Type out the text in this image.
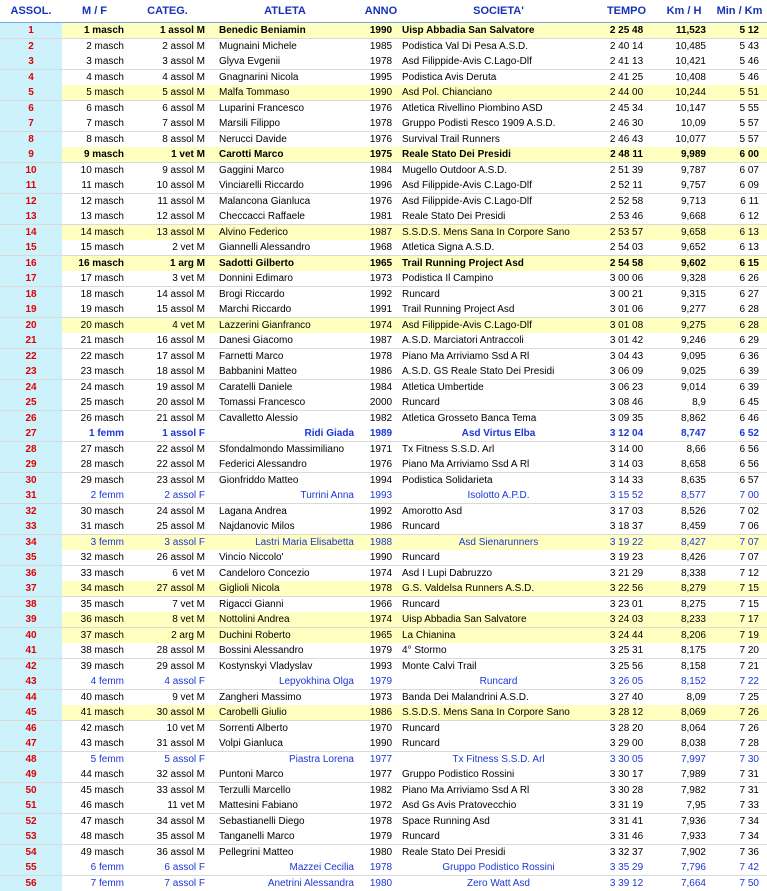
ASSOL.	M / F	CATEG.	ATLETA	ANNO	SOCIETA'	TEMPO	Km / H	Min / Km
1	1 masch	1 assol M	Benedic Beniamin	1990	Uisp Abbadia San Salvatore	2 25 48	11,523	5 12
2	2 masch	2 assol M	Mugnaini Michele	1985	Podistica Val Di Pesa A.S.D.	2 40 14	10,485	5 43
3	3 masch	3 assol M	Glyva Evgenii	1978	Asd Filippide-Avis C.Lago-Dlf	2 41 13	10,421	5 46
4	4 masch	4 assol M	Gnagnarini Nicola	1995	Podistica Avis Deruta	2 41 25	10,408	5 46
5	5 masch	5 assol M	Malfa Tommaso	1990	Asd Pol. Chianciano	2 44 00	10,244	5 51
6	6 masch	6 assol M	Luparini Francesco	1976	Atletica Rivellino Piombino ASD	2 45 34	10,147	5 55
7	7 masch	7 assol M	Marsili Filippo	1978	Gruppo Podisti Resco 1909 A.S.D.	2 46 30	10,09	5 57
8	8 masch	8 assol M	Nerucci Davide	1976	Survival Trail Runners	2 46 43	10,077	5 57
9	9 masch	1 vet M	Carotti Marco	1975	Reale Stato Dei Presidi	2 48 11	9,989	6 00
10	10 masch	9 assol M	Gaggini Marco	1984	Mugello Outdoor A.S.D.	2 51 39	9,787	6 07
11	11 masch	10 assol M	Vinciarelli Riccardo	1996	Asd Filippide-Avis C.Lago-Dlf	2 52 11	9,757	6 09
12	12 masch	11 assol M	Malancona Gianluca	1976	Asd Filippide-Avis C.Lago-Dlf	2 52 58	9,713	6 11
13	13 masch	12 assol M	Checcacci Raffaele	1981	Reale Stato Dei Presidi	2 53 46	9,668	6 12
14	14 masch	13 assol M	Alvino Federico	1987	S.S.D.S. Mens Sana In Corpore Sano	2 53 57	9,658	6 13
15	15 masch	2 vet M	Giannelli Alessandro	1968	Atletica Signa A.S.D.	2 54 03	9,652	6 13
16	16 masch	1 arg M	Sadotti Gilberto	1965	Trail Running Project Asd	2 54 58	9,602	6 15
17	17 masch	3 vet M	Donnini Edimaro	1973	Podistica Il Campino	3 00 06	9,328	6 26
18	18 masch	14 assol M	Brogi Riccardo	1992	Runcard	3 00 21	9,315	6 27
19	19 masch	15 assol M	Marchi Riccardo	1991	Trail Running Project Asd	3 01 06	9,277	6 28
20	20 masch	4 vet M	Lazzerini Gianfranco	1974	Asd Filippide-Avis C.Lago-Dlf	3 01 08	9,275	6 28
21	21 masch	16 assol M	Danesi Giacomo	1987	A.S.D. Marciatori Antraccoli	3 01 42	9,246	6 29
22	22 masch	17 assol M	Farnetti Marco	1978	Piano Ma Arriviamo Ssd A Rl	3 04 43	9,095	6 36
23	23 masch	18 assol M	Babbanini Matteo	1986	A.S.D. GS Reale Stato Dei Presidi	3 06 09	9,025	6 39
24	24 masch	19 assol M	Caratelli Daniele	1984	Atletica Umbertide	3 06 23	9,014	6 39
25	25 masch	20 assol M	Tomassi Francesco	2000	Runcard	3 08 46	8,9	6 45
26	26 masch	21 assol M	Cavalletto Alessio	1982	Atletica Grosseto Banca Tema	3 09 35	8,862	6 46
27	1 femm	1 assol F	Ridi Giada	1989	Asd Virtus Elba	3 12 04	8,747	6 52
28	27 masch	22 assol M	Sfondalmondo Massimiliano	1971	Tx Fitness S.S.D. Arl	3 14 00	8,66	6 56
29	28 masch	22 assol M	Federici Alessandro	1976	Piano Ma Arriviamo Ssd A Rl	3 14 03	8,658	6 56
30	29 masch	23 assol M	Gionfriddo Matteo	1994	Podistica Solidarieta	3 14 33	8,635	6 57
31	2 femm	2 assol F	Turrini Anna	1993	Isolotto A.P.D.	3 15 52	8,577	7 00
32	30 masch	24 assol M	Lagana Andrea	1992	Amorotto Asd	3 17 03	8,526	7 02
33	31 masch	25 assol M	Najdanovic Milos	1986	Runcard	3 18 37	8,459	7 06
34	3 femm	3 assol F	Lastri Maria Elisabetta	1988	Asd Sienarunners	3 19 22	8,427	7 07
35	32 masch	26 assol M	Vincio Niccolo'	1990	Runcard	3 19 23	8,426	7 07
36	33 masch	6 vet M	Candeloro Concezio	1974	Asd I Lupi Dabruzzo	3 21 29	8,338	7 12
37	34 masch	27 assol M	Giglioli Nicola	1978	G.S. Valdelsa Runners A.S.D.	3 22 56	8,279	7 15
38	35 masch	7 vet M	Rigacci Gianni	1966	Runcard	3 23 01	8,275	7 15
39	36 masch	8 vet M	Nottolini Andrea	1974	Uisp Abbadia San Salvatore	3 24 03	8,233	7 17
40	37 masch	2 arg M	Duchini Roberto	1965	La Chianina	3 24 44	8,206	7 19
41	38 masch	28 assol M	Bossini Alessandro	1979	4° Stormo	3 25 31	8,175	7 20
42	39 masch	29 assol M	Kostynskyi Vladyslav	1993	Monte Calvi Trail	3 25 56	8,158	7 21
43	4 femm	4 assol F	Lepyokhina Olga	1979	Runcard	3 26 05	8,152	7 22
44	40 masch	9 vet M	Zangheri Massimo	1973	Banda Dei Malandrini A.S.D.	3 27 40	8,09	7 25
45	41 masch	30 assol M	Carobelli Giulio	1986	S.S.D.S. Mens Sana In Corpore Sano	3 28 12	8,069	7 26
46	42 masch	10 vet M	Sorrenti Alberto	1970	Runcard	3 28 20	8,064	7 26
47	43 masch	31 assol M	Volpi Gianluca	1990	Runcard	3 29 00	8,038	7 28
48	5 femm	5 assol F	Piastra Lorena	1977	Tx Fitness S.S.D. Arl	3 30 05	7,997	7 30
49	44 masch	32 assol M	Puntoni Marco	1977	Gruppo Podistico Rossini	3 30 17	7,989	7 31
50	45 masch	33 assol M	Terzulli Marcello	1982	Piano Ma Arriviamo Ssd A Rl	3 30 28	7,982	7 31
51	46 masch	11 vet M	Mattesini Fabiano	1972	Asd Gs Avis Pratovecchio	3 31 19	7,95	7 33
52	47 masch	34 assol M	Sebastianelli Diego	1978	Space Running Asd	3 31 41	7,936	7 34
53	48 masch	35 assol M	Tanganelli Marco	1979	Runcard	3 31 46	7,933	7 34
54	49 masch	36 assol M	Pellegrini Matteo	1980	Reale Stato Dei Presidi	3 32 37	7,902	7 36
55	6 femm	6 assol F	Mazzei Cecilia	1978	Gruppo Podistico Rossini	3 35 29	7,796	7 42
56	7 femm	7 assol F	Anetrini Alessandra	1980	Zero Watt Asd	3 39 12	7,664	7 50
